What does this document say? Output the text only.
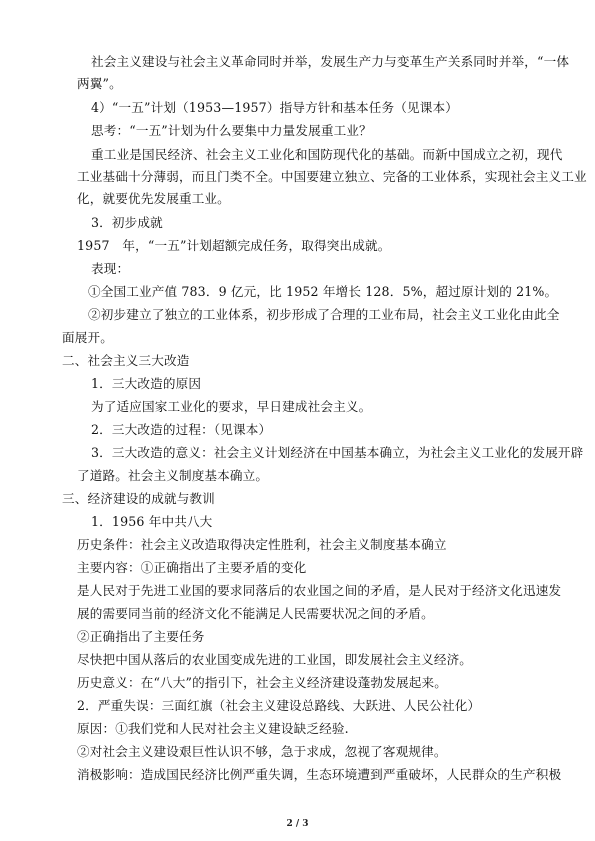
社会主义建设与社会主义革命同时并举，发展生产力与变革生产关系同时并举，“一体
两翼”。
4）“一五”计划（1953—1957）指导方针和基本任务（见课本）
思考：“一五”计划为什么要集中力量发展重工业？
重工业是国民经济、社会主义工业化和国防现代化的基础。而新中国成立之初，现代
工业基础十分薄弱，而且门类不全。中国要建立独立、完备的工业体系，实现社会主义工业
化，就要优先发展重工业。
3．初步成就
1957　年，“一五”计划超额完成任务，取得突出成就。
表现：
①全国工业产值 783．9 亿元，比 1952 年增长 128．5%，超过原计划的 21%。
②初步建立了独立的工业体系，初步形成了合理的工业布局，社会主义工业化由此全
面展开。
二、社会主义三大改造
1．三大改造的原因
为了适应国家工业化的要求，早日建成社会主义。
2．三大改造的过程：（见课本）
3．三大改造的意义：社会主义计划经济在中国基本确立，为社会主义工业化的发展开辟
了道路。社会主义制度基本确立。
三、经济建设的成就与教训
1．1956 年中共八大
历史条件：社会主义改造取得决定性胜利，社会主义制度基本确立
主要内容：①正确指出了主要矛盾的变化
是人民对于先进工业国的要求同落后的农业国之间的矛盾，是人民对于经济文化迅速发
展的需要同当前的经济文化不能满足人民需要状况之间的矛盾。
②正确指出了主要任务
尽快把中国从落后的农业国变成先进的工业国，即发展社会主义经济。
历史意义：在“八大”的指引下，社会主义经济建设蓬勃发展起来。
2．严重失误：三面红旗（社会主义建设总路线、大跃进、人民公社化）
原因：①我们党和人民对社会主义建设缺乏经验.
②对社会主义建设艰巨性认识不够，急于求成，忽视了客观规律。
消极影响：造成国民经济比例严重失调，生态环境遭到严重破坏，人民群众的生产积极
2 / 3
